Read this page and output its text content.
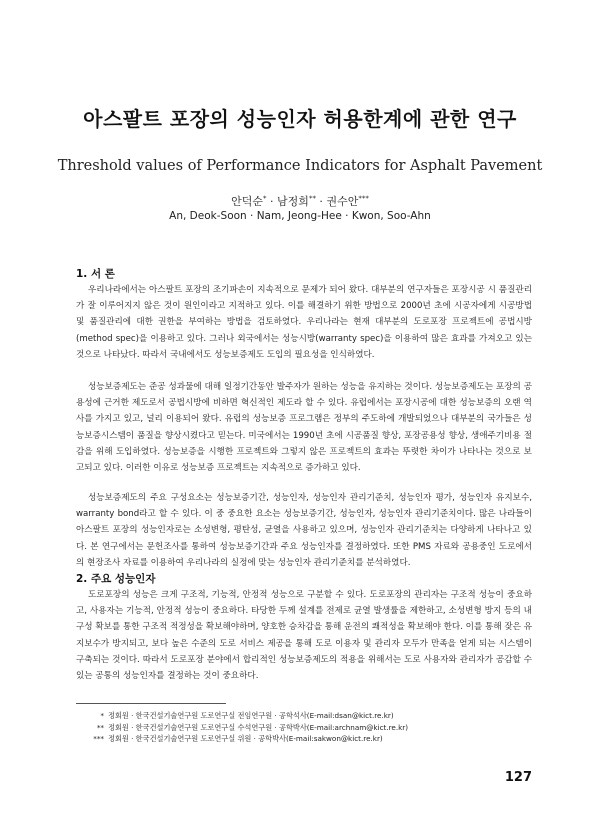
아스팔트 포장의 성능인자 허용한계에 관한 연구
Threshold values of Performance Indicators for Asphalt Pavement
안덕순* · 남정희** · 권수안***
An, Deok-Soon · Nam, Jeong-Hee · Kwon, Soo-Ahn
1. 서 론

우리나라에서는 아스팔트 포장의 조기파손이 지속적으로 문제가 되어 왔다. 대부분의 연구자들은 포장시공 시 품질관리가 잘 이루어지지 않은 것이 원인이라고 지적하고 있다. 이를 해결하기 위한 방법으로 2000년 초에 시공자에게 시공방법 및 품질관리에 대한 권한을 부여하는 방법을 검토하였다. 우리나라는 현재 대부분의 도로포장 프로젝트에 공법시방(method spec)을 이용하고 있다. 그러나 외국에서는 성능시방(warranty spec)을 이용하여 많은 효과를 가져오고 있는 것으로 나타났다. 따라서 국내에서도 성능보증제도 도입의 필요성을 인식하였다.

성능보증제도는 준공 성과물에 대해 일정기간동안 발주자가 원하는 성능을 유지하는 것이다. 성능보증제도는 포장의 공용성에 근거한 제도로서 공법시방에 비하면 혁신적인 제도라 할 수 있다. 유럽에서는 포장시공에 대한 성능보증의 오랜 역사를 가지고 있고, 널리 이용되어 왔다. 유럽의 성능보증 프로그램은 정부의 주도하에 개발되었으나 대부분의 국가들은 성능보증시스템이 품질을 향상시켰다고 믿는다. 미국에서는 1990년 초에 시공품질 향상, 포장공용성 향상, 생애주기비용 절감을 위해 도입하였다. 성능보증을 시행한 프로젝트와 그렇지 않은 프로젝트의 효과는 뚜렷한 차이가 나타나는 것으로 보고되고 있다. 이러한 이유로 성능보증 프로젝트는 지속적으로 증가하고 있다.

성능보증제도의 주요 구성요소는 성능보증기간, 성능인자, 성능인자 관리기준치, 성능인자 평가, 성능인자 유지보수, warranty bond라고 할 수 있다. 이 중 중요한 요소는 성능보증기간, 성능인자, 성능인자 관리기준치이다. 많은 나라들이 아스팔트 포장의 성능인자로는 소성변형, 평탄성, 균열을 사용하고 있으며, 성능인자 관리기준치는 다양하게 나타나고 있다. 본 연구에서는 문헌조사를 통하여 성능보증기간과 주요 성능인자를 결정하였다. 또한 PMS 자료와 공용중인 도로에서의 현장조사 자료를 이용하여 우리나라의 실정에 맞는 성능인자 관리기준치를 분석하였다.

2. 주요 성능인자

도로포장의 성능은 크게 구조적, 기능적, 안정적 성능으로 구분할 수 있다. 도로포장의 관리자는 구조적 성능이 중요하고, 사용자는 기능적, 안정적 성능이 중요하다. 타당한 두께 설계를 전제로 균열 발생률을 제한하고, 소성변형 방지 등의 내구성 확보를 통한 구조적 적정성을 확보해야하며, 양호한 승차감을 통해 운전의 쾌적성을 확보해야 한다. 이를 통해 잦은 유지보수가 방지되고, 보다 높은 수준의 도로 서비스 제공을 통해 도로 이용자 및 관리자 모두가 만족을 얻게 되는 시스템이 구축되는 것이다. 따라서 도로포장 분야에서 합리적인 성능보증제도의 적용을 위해서는 도로 사용자와 관리자가 공감할 수 있는 공통의 성능인자를 결정하는 것이 중요하다.

* 정회원 · 한국건설기술연구원 도로연구실 전임연구원 · 공학석사(E-mail:dsan@kict.re.kr)
** 정회원 · 한국건설기술연구원 도로연구실 수석연구원 · 공학박사(E-mail:archnam@kict.re.kr)
*** 정회원 · 한국건설기술연구원 도로연구실 위원 · 공학박사(E-mail:sakwon@kict.re.kr)
127
